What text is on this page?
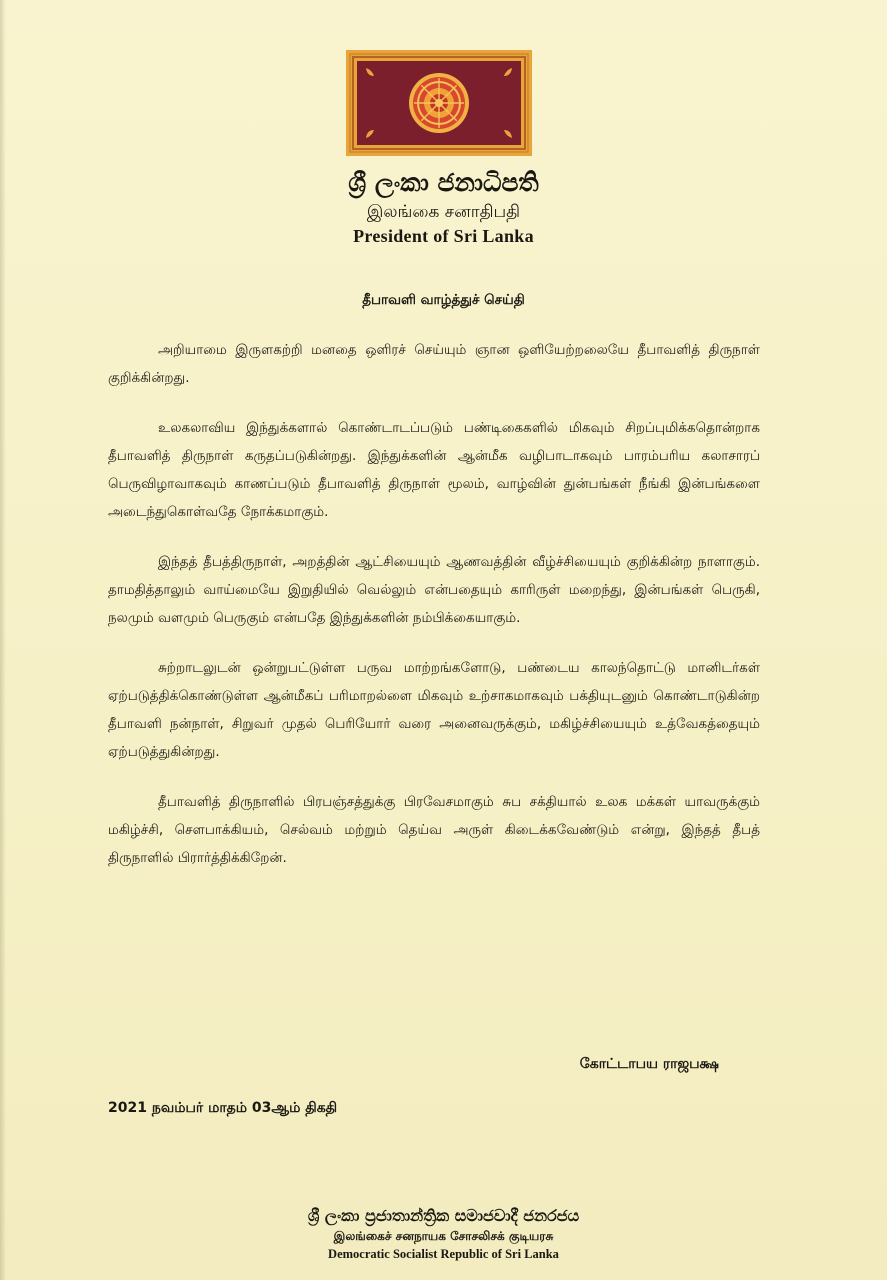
ශ්‍රී ලංකා ජනාධිපති
இலங்கை சனாதிபதி
President of Sri Lanka
தீபாவளி வாழ்த்துச் செய்தி

அறியாமை இருளகற்றி மனதை ஒளிரச் செய்யும் ஞான ஒளியேற்றலையே தீபாவளித் திருநாள் குறிக்கின்றது.

உலகலாவிய இந்துக்களால் கொண்டாடப்படும் பண்டிகைகளில் மிகவும் சிறப்புமிக்கதொன்றாக தீபாவளித் திருநாள் கருதப்படுகின்றது. இந்துக்களின் ஆன்மீக வழிபாடாகவும் பாரம்பரிய கலாசாரப் பெருவிழாவாகவும் காணப்படும் தீபாவளித் திருநாள் மூலம், வாழ்வின் துன்பங்கள் நீங்கி இன்பங்களை அடைந்துகொள்வதே நோக்கமாகும்.

இந்தத் தீபத்திருநாள், அறத்தின் ஆட்சியையும் ஆணவத்தின் வீழ்ச்சியையும் குறிக்கின்ற நாளாகும். தாமதித்தாலும் வாய்மையே இறுதியில் வெல்லும் என்பதையும் காரிருள் மறைந்து, இன்பங்கள் பெருகி, நலமும் வளமும் பெருகும் என்பதே இந்துக்களின் நம்பிக்கையாகும்.

சுற்றாடலுடன் ஒன்றுபட்டுள்ள பருவ மாற்றங்களோடு, பண்டைய காலந்தொட்டு மானிடர்கள் ஏற்படுத்திக்கொண்டுள்ள ஆன்மீகப் பரிமாறல்ளை மிகவும் உற்சாகமாகவும் பக்தியுடனும் கொண்டாடுகின்ற தீபாவளி நன்நாள், சிறுவர் முதல் பெரியோர் வரை அனைவருக்கும், மகிழ்ச்சியையும் உத்வேகத்தையும் ஏற்படுத்துகின்றது.

தீபாவளித் திருநாளில் பிரபஞ்சத்துக்கு பிரவேசமாகும் சுப சக்தியால் உலக மக்கள் யாவருக்கும் மகிழ்ச்சி, சௌபாக்கியம், செல்வம் மற்றும் தெய்வ அருள் கிடைக்கவேண்டும் என்று, இந்தத் தீபத் திருநாளில் பிரார்த்திக்கிறேன்.

கோட்டாபய ராஜபக்ஷ
2021 நவம்பர் மாதம் 03ஆம் திகதி
ශ්‍රී ලංකා ප්‍රජාතාන්ත්‍රික සමාජවාදී ජනරජය
இலங்கைச் சனநாயக சோசலிசக் குடியரசு
Democratic Socialist Republic of Sri Lanka
